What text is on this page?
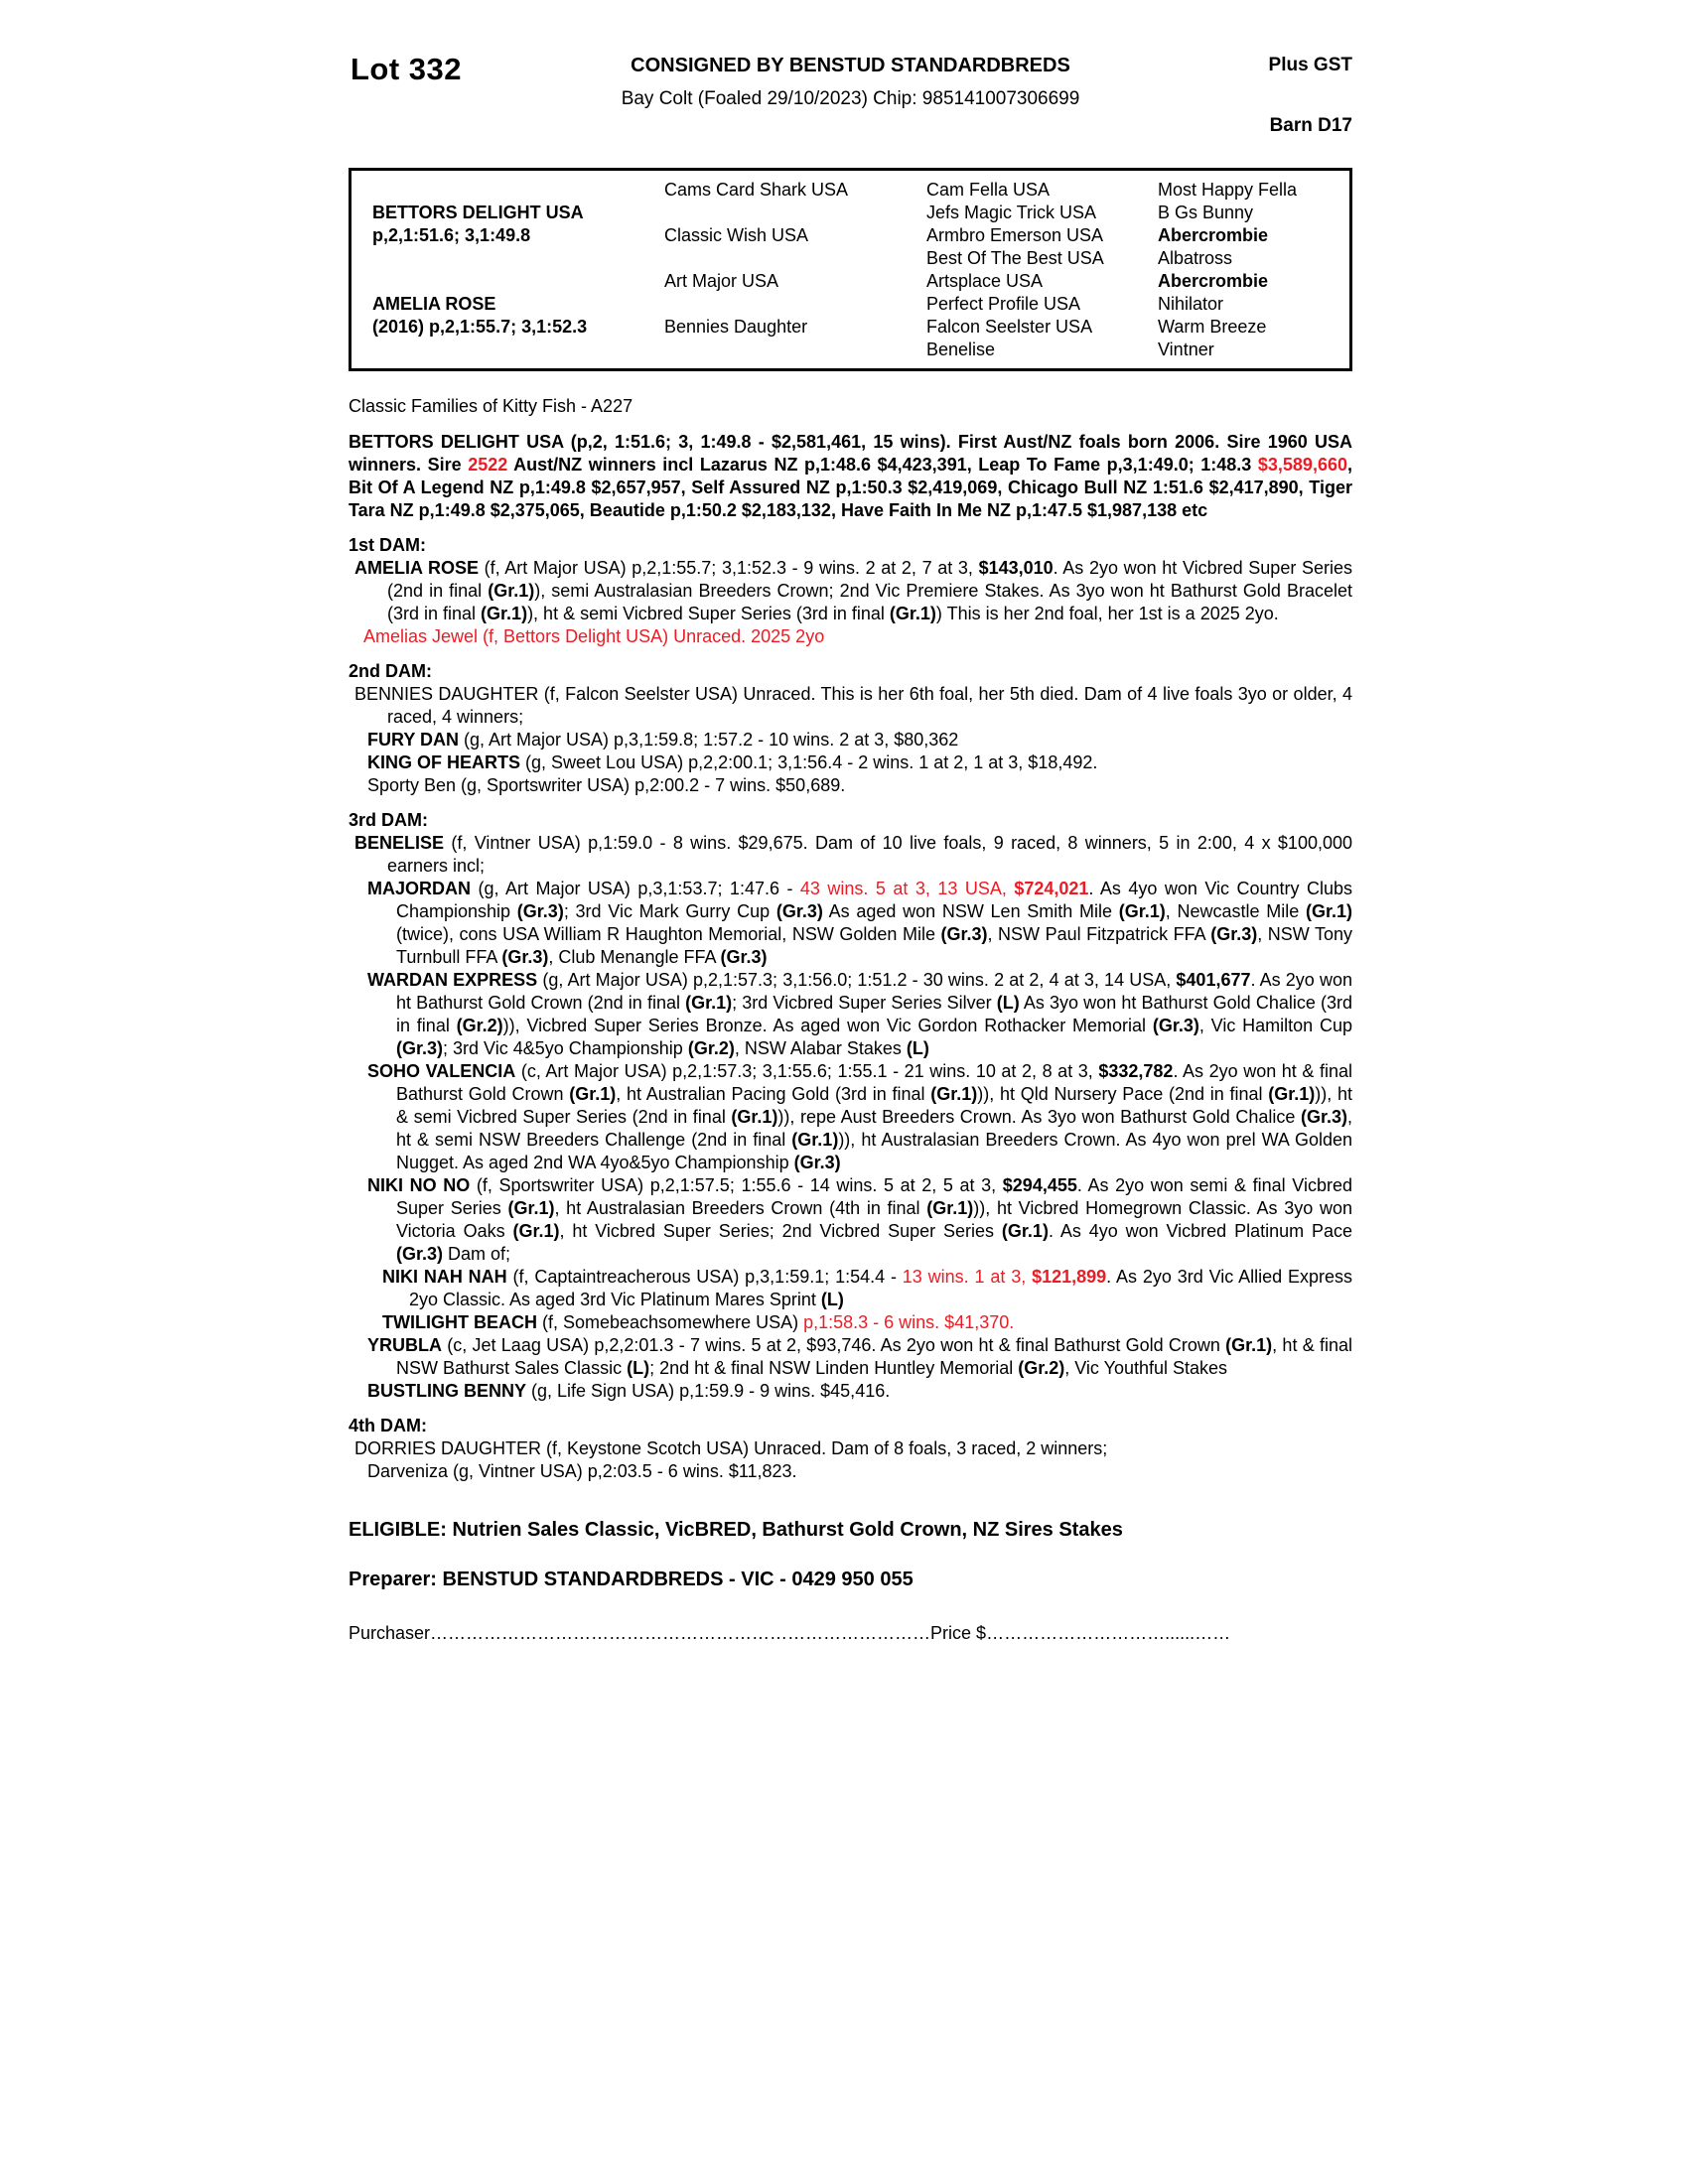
Lot 332	CONSIGNED BY BENSTUD STANDARDBREDS
Bay Colt (Foaled 29/10/2023) Chip: 985141007306699
Plus GST
Barn D17
BETTORS DELIGHT USA
p,2,1:51.6; 3,1:49.8
AMELIA ROSE
(2016) p,2,1:55.7; 3,1:52.3
Cams Card Shark USA
Classic Wish USA
Art Major USA
Bennies Daughter
Cam Fella USA
Jefs Magic Trick USA
Armbro Emerson USA
Best Of The Best USA
Artsplace USA
Perfect Profile USA
Falcon Seelster USA
Benelise
Most Happy Fella
B Gs Bunny
Abercrombie
Albatross
Abercrombie
Nihilator
Warm Breeze
Vintner

Classic Families of Kitty Fish - A227

BETTORS DELIGHT USA (p,2, 1:51.6; 3, 1:49.8 - $2,581,461, 15 wins). First Aust/NZ foals born 2006. Sire 1960 USA winners. Sire 2522 Aust/NZ winners incl Lazarus NZ p,1:48.6 $4,423,391, Leap To Fame p,3,1:49.0; 1:48.3 $3,589,660, Bit Of A Legend NZ p,1:49.8 $2,657,957, Self Assured NZ p,1:50.3 $2,419,069, Chicago Bull NZ 1:51.6 $2,417,890, Tiger Tara NZ p,1:49.8 $2,375,065, Beautide p,1:50.2 $2,183,132, Have Faith In Me NZ p,1:47.5 $1,987,138 etc

1st DAM:

AMELIA ROSE (f, Art Major USA) p,2,1:55.7; 3,1:52.3 - 9 wins. 2 at 2, 7 at 3, $143,010. As 2yo won ht Vicbred Super Series (2nd in final (Gr.1)), semi Australasian Breeders Crown; 2nd Vic Premiere Stakes. As 3yo won ht Bathurst Gold Bracelet (3rd in final (Gr.1)), ht & semi Vicbred Super Series (3rd in final (Gr.1)) This is her 2nd foal, her 1st is a 2025 2yo.

Amelias Jewel (f, Bettors Delight USA) Unraced. 2025 2yo

2nd DAM:

BENNIES DAUGHTER (f, Falcon Seelster USA) Unraced. This is her 6th foal, her 5th died. Dam of 4 live foals 3yo or older, 4 raced, 4 winners;

FURY DAN (g, Art Major USA) p,3,1:59.8; 1:57.2 - 10 wins. 2 at 3, $80,362

KING OF HEARTS (g, Sweet Lou USA) p,2,2:00.1; 3,1:56.4 - 2 wins. 1 at 2, 1 at 3, $18,492.

Sporty Ben (g, Sportswriter USA) p,2:00.2 - 7 wins. $50,689.

3rd DAM:

BENELISE (f, Vintner USA) p,1:59.0 - 8 wins. $29,675. Dam of 10 live foals, 9 raced, 8 winners, 5 in 2:00, 4 x $100,000 earners incl;

MAJORDAN (g, Art Major USA) p,3,1:53.7; 1:47.6 - 43 wins. 5 at 3, 13 USA, $724,021. As 4yo won Vic Country Clubs Championship (Gr.3); 3rd Vic Mark Gurry Cup (Gr.3) As aged won NSW Len Smith Mile (Gr.1), Newcastle Mile (Gr.1) (twice), cons USA William R Haughton Memorial, NSW Golden Mile (Gr.3), NSW Paul Fitzpatrick FFA (Gr.3), NSW Tony Turnbull FFA (Gr.3), Club Menangle FFA (Gr.3)

WARDAN EXPRESS (g, Art Major USA) p,2,1:57.3; 3,1:56.0; 1:51.2 - 30 wins. 2 at 2, 4 at 3, 14 USA, $401,677. As 2yo won ht Bathurst Gold Crown (2nd in final (Gr.1); 3rd Vicbred Super Series Silver (L) As 3yo won ht Bathurst Gold Chalice (3rd in final (Gr.2))), Vicbred Super Series Bronze. As aged won Vic Gordon Rothacker Memorial (Gr.3), Vic Hamilton Cup (Gr.3); 3rd Vic 4&5yo Championship (Gr.2), NSW Alabar Stakes (L)

SOHO VALENCIA (c, Art Major USA) p,2,1:57.3; 3,1:55.6; 1:55.1 - 21 wins. 10 at 2, 8 at 3, $332,782. As 2yo won ht & final Bathurst Gold Crown (Gr.1), ht Australian Pacing Gold (3rd in final (Gr.1))), ht Qld Nursery Pace (2nd in final (Gr.1))), ht & semi Vicbred Super Series (2nd in final (Gr.1))), repe Aust Breeders Crown. As 3yo won Bathurst Gold Chalice (Gr.3), ht & semi NSW Breeders Challenge (2nd in final (Gr.1))), ht Australasian Breeders Crown. As 4yo won prel WA Golden Nugget. As aged 2nd WA 4yo&5yo Championship (Gr.3)

NIKI NO NO (f, Sportswriter USA) p,2,1:57.5; 1:55.6 - 14 wins. 5 at 2, 5 at 3, $294,455. As 2yo won semi & final Vicbred Super Series (Gr.1), ht Australasian Breeders Crown (4th in final (Gr.1))), ht Vicbred Homegrown Classic. As 3yo won Victoria Oaks (Gr.1), ht Vicbred Super Series; 2nd Vicbred Super Series (Gr.1). As 4yo won Vicbred Platinum Pace (Gr.3) Dam of;

NIKI NAH NAH (f, Captaintreacherous USA) p,3,1:59.1; 1:54.4 - 13 wins. 1 at 3, $121,899. As 2yo 3rd Vic Allied Express 2yo Classic. As aged 3rd Vic Platinum Mares Sprint (L)

TWILIGHT BEACH (f, Somebeachsomewhere USA) p,1:58.3 - 6 wins. $41,370.

YRUBLA (c, Jet Laag USA) p,2,2:01.3 - 7 wins. 5 at 2, $93,746. As 2yo won ht & final Bathurst Gold Crown (Gr.1), ht & final NSW Bathurst Sales Classic (L); 2nd ht & final NSW Linden Huntley Memorial (Gr.2), Vic Youthful Stakes

BUSTLING BENNY (g, Life Sign USA) p,1:59.9 - 9 wins. $45,416.

4th DAM:

DORRIES DAUGHTER (f, Keystone Scotch USA) Unraced. Dam of 8 foals, 3 raced, 2 winners;

Darveniza (g, Vintner USA) p,2:03.5 - 6 wins. $11,823.

ELIGIBLE: Nutrien Sales Classic, VicBRED, Bathurst Gold Crown, NZ Sires Stakes

Preparer: BENSTUD STANDARDBREDS - VIC - 0429 950 055

Purchaser…………………………………………………………………………Price $…………………………......……
